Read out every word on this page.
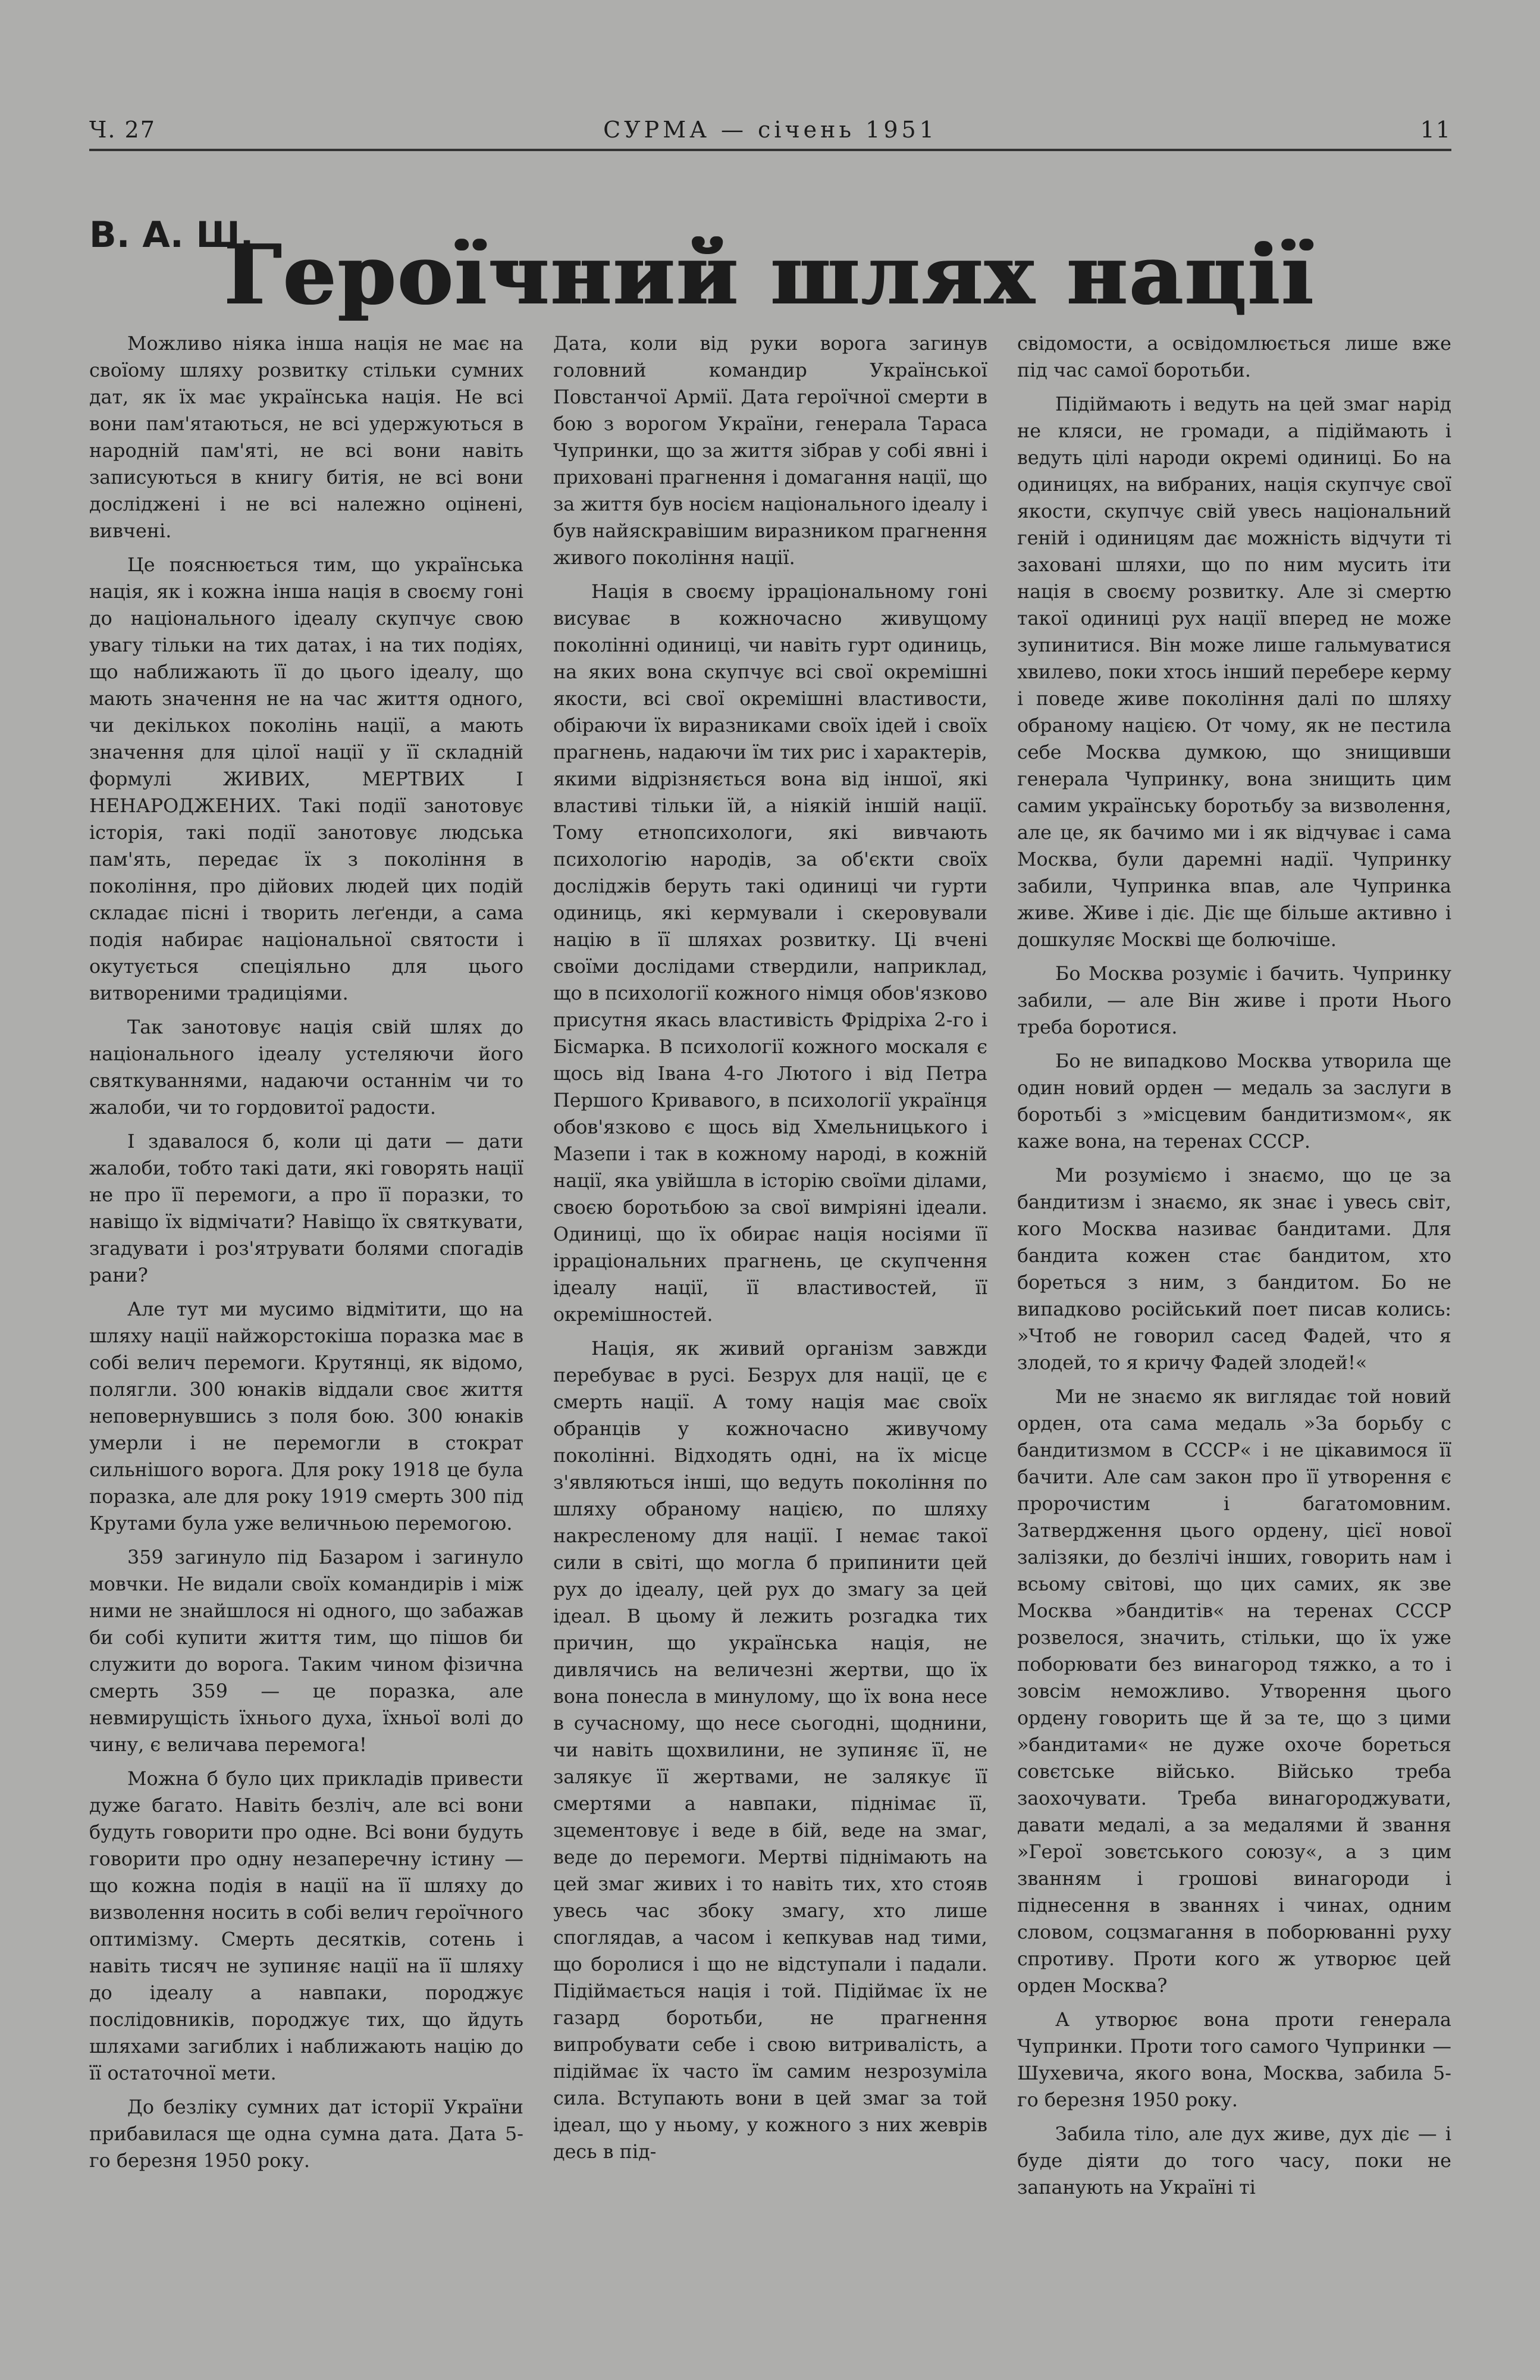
Ч. 27	СУРМА — січень 1951	11
В. А. Ш.
Героїчний шлях нації

Можливо ніяка інша нація не має на своїому шляху розвитку стільки сумних дат, як їх має українська нація. Не всі вони пам'ятаються, не всі удержуються в народній пам'яті, не всі вони навіть записуються в книгу битія, не всі вони досліджені і не всі належно оцінені, вивчені.

Це пояснюється тим, що українська нація, як і кожна інша нація в своєму гоні до національного ідеалу скупчує свою увагу тільки на тих датах, і на тих подіях, що наближають її до цього ідеалу, що мають значення не на час життя одного, чи декількох поколінь нації, а мають значення для цілої нації у її складній формулі ЖИВИХ, МЕРТВИХ І НЕНАРОДЖЕНИХ. Такі події занотовує історія, такі події занотовує людська пам'ять, передає їх з покоління в покоління, про дійових людей цих подій складає пісні і творить леґенди, а сама подія набирає національної святости і окутується спеціяльно для цього витвореними традиціями.

Так занотовує нація свій шлях до національного ідеалу устеляючи його святкуваннями, надаючи останнім чи то жалоби, чи то гордовитої радости.

І здавалося б, коли ці дати — дати жалоби, тобто такі дати, які говорять нації не про її перемоги, а про її поразки, то навіщо їх відмічати? Навіщо їх святкувати, згадувати і роз'ятрувати болями спогадів рани?

Але тут ми мусимо відмітити, що на шляху нації найжорстокіша поразка має в собі велич перемоги. Крутянці, як відомо, полягли. 300 юнаків віддали своє життя неповернувшись з поля бою. 300 юнаків умерли і не перемогли в стократ сильнішого ворога. Для року 1918 це була поразка, але для року 1919 смерть 300 під Крутами була уже величньою перемогою.

359 загинуло під Базаром і загинуло мовчки. Не видали своїх командирів і між ними не знайшлося ні одного, що забажав би собі купити життя тим, що пішов би служити до ворога. Таким чином фізична смерть 359 — це поразка, але невмирущість їхнього духа, їхньої волі до чину, є величава перемога!

Можна б було цих прикладів привести дуже багато. Навіть безліч, але всі вони будуть говорити про одне. Всі вони будуть говорити про одну незаперечну істину — що кожна подія в нації на її шляху до визволення носить в собі велич героїчного оптимізму. Смерть десятків, сотень і навіть тисяч не зупиняє нації на її шляху до ідеалу а навпаки, породжує послідовників, породжує тих, що йдуть шляхами загиблих і наближають націю до її остаточної мети.

До безліку сумних дат історії України прибавилася ще одна сумна дата. Дата 5-го березня 1950 року.

Дата, коли від руки ворога загинув головний командир Української Повстанчої Армії. Дата героїчної смерти в бою з ворогом України, генерала Тараса Чупринки, що за життя зібрав у собі явні і приховані прагнення і домагання нації, що за життя був носієм національного ідеалу і був найяскравішим виразником прагнення живого покоління нації.

Нація в своєму ірраціональному гоні висуває в кожночасно живущому поколінні одиниці, чи навіть гурт одиниць, на яких вона скупчує всі свої окремішні якости, всі свої окремішні властивости, обіраючи їх виразниками своїх ідей і своїх прагнень, надаючи їм тих рис і характерів, якими відрізняється вона від іншої, які властиві тільки їй, а ніякій іншій нації. Тому етнопсихологи, які вивчають психологію народів, за об'єкти своїх досліджів беруть такі одиниці чи гурти одиниць, які кермували і скеровували націю в її шляхах розвитку. Ці вчені своїми дослідами ствердили, наприклад, що в психології кожного німця обов'язково присутня якась властивість Фрідріха 2-го і Бісмарка. В психології кожного москаля є щось від Івана 4-го Лютого і від Петра Першого Кривавого, в психології українця обов'язково є щось від Хмельницького і Мазепи і так в кожному народі, в кожній нації, яка увійшла в історію своїми ділами, своєю боротьбою за свої вимріяні ідеали. Одиниці, що їх обирає нація носіями її ірраціональних прагнень, це скупчення ідеалу нації, її властивостей, її окремішностей.

Нація, як живий організм завжди перебуває в русі. Безрух для нації, це є смерть нації. А тому нація має своїх обранців у кожночасно живучому поколінні. Відходять одні, на їх місце з'являються інші, що ведуть покоління по шляху обраному нацією, по шляху накресленому для нації. І немає такої сили в світі, що могла б припинити цей рух до ідеалу, цей рух до змагу за цей ідеал. В цьому й лежить розгадка тих причин, що українська нація, не дивлячись на величезні жертви, що їх вона понесла в минулому, що їх вона несе в сучасному, що несе сьогодні, щоднини, чи навіть щохвилини, не зупиняє її, не залякує її жертвами, не залякує її смертями а навпаки, піднімає її, зцементовує і веде в бій, веде на змаг, веде до перемоги. Мертві піднімають на цей змаг живих і то навіть тих, хто стояв увесь час збоку змагу, хто лише споглядав, а часом і кепкував над тими, що боролися і що не відступали і падали. Підіймається нація і той. Підіймає їх не газард боротьби, не прагнення випробувати себе і свою витривалість, а підіймає їх часто їм самим незрозуміла сила. Вступають вони в цей змаг за той ідеал, що у ньому, у кожного з них жеврів десь в під-

свідомости, а освідомлюється лише вже під час самої боротьби.

Підіймають і ведуть на цей змаг нарід не кляси, не громади, а підіймають і ведуть цілі народи окремі одиниці. Бо на одиницях, на вибраних, нація скупчує свої якости, скупчує свій увесь національний геній і одиницям дає можність відчути ті заховані шляхи, що по ним мусить іти нація в своєму розвитку. Але зі смертю такої одиниці рух нації вперед не може зупинитися. Він може лише гальмуватися хвилево, поки хтось інший перебере керму і поведе живе покоління далі по шляху обраному нацією. От чому, як не пестила себе Москва думкою, що знищивши генерала Чупринку, вона знищить цим самим українську боротьбу за визволення, але це, як бачимо ми і як відчуває і сама Москва, були даремні надії. Чупринку забили, Чупринка впав, але Чупринка живе. Живе і діє. Діє ще більше активно і дошкуляє Москві ще болючіше.

Бо Москва розуміє і бачить. Чупринку забили, — але Він живе і проти Нього треба боротися.

Бо не випадково Москва утворила ще один новий орден — медаль за заслуги в боротьбі з »місцевим бандитизмом«, як каже вона, на теренах СССР.

Ми розуміємо і знаємо, що це за бандитизм і знаємо, як знає і увесь світ, кого Москва називає бандитами. Для бандита кожен стає бандитом, хто бореться з ним, з бандитом. Бо не випадково російський поет писав колись: »Чтоб не говорил сасед Фадей, что я злодей, то я кричу Фадей злодей!«

Ми не знаємо як виглядає той новий орден, ота сама медаль »За борьбу с бандитизмом в СССР« і не цікавимося її бачити. Але сам закон про її утворення є пророчистим і багатомовним. Затвердження цього ордену, цієї нової залізяки, до безлічі інших, говорить нам і всьому світові, що цих самих, як зве Москва »бандитів« на теренах СССР розвелося, значить, стільки, що їх уже поборювати без винагород тяжко, а то і зовсім неможливо. Утворення цього ордену говорить ще й за те, що з цими »бандитами« не дуже охоче бореться совєтське військо. Військо треба заохочувати. Треба винагороджувати, давати медалі, а за медалями й звання »Герої зовєтського союзу«, а з цим званням і грошові винагороди і піднесення в званнях і чинах, одним словом, соцзмагання в поборюванні руху спротиву. Проти кого ж утворює цей орден Москва?

А утворює вона проти генерала Чупринки. Проти того самого Чупринки — Шухевича, якого вона, Москва, забила 5-го березня 1950 року.

Забила тіло, але дух живе, дух діє — і буде діяти до того часу, поки не запанують на Україні ті
